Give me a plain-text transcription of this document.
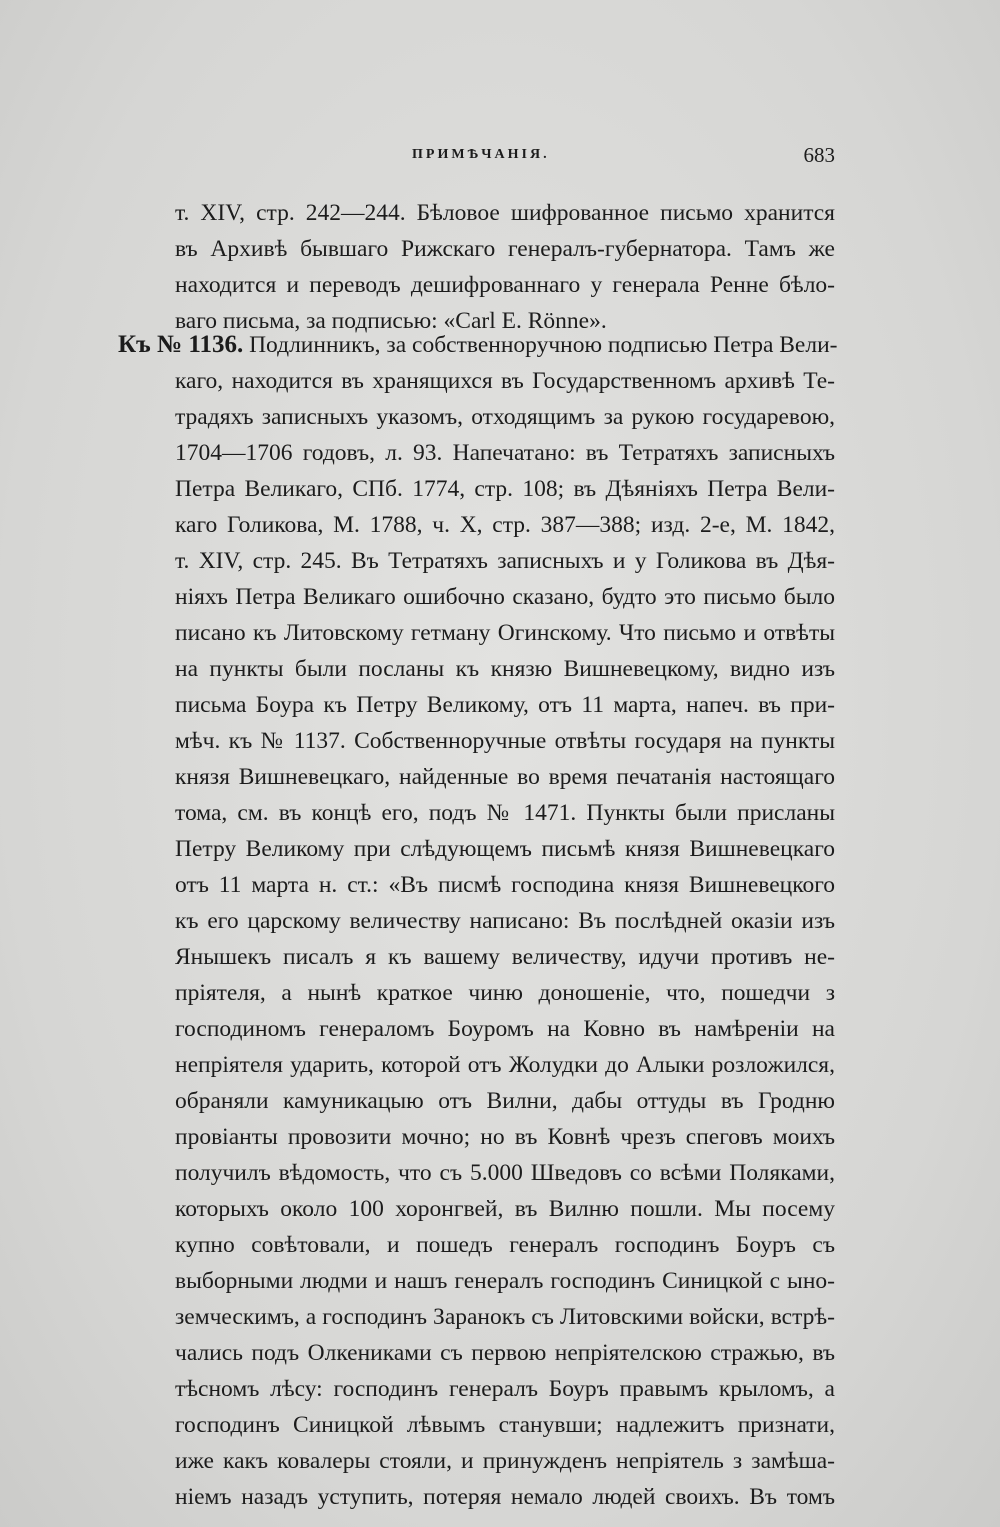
ПРИМѢЧАНІЯ.	683
т. XIV, стр. 242—244. Бѣловое шифрованное письмо хранится
въ Архивѣ бывшаго Рижскаго генералъ-губернатора. Тамъ же
находится и переводъ дешифрованнаго у генерала Ренне бѣло-
ваго письма, за подписью: «Carl E. Rönne».
Къ № 1136. Подлинникъ, за собственноручною подписью Петра Вели-
каго, находится въ хранящихся въ Государственномъ архивѣ Те-
традяхъ записныхъ указомъ, отходящимъ за рукою государевою,
1704—1706 годовъ, л. 93. Напечатано: въ Тетратяхъ записныхъ
Петра Великаго, СПб. 1774, стр. 108; въ Дѣяніяхъ Петра Вели-
каго Голикова, М. 1788, ч. X, стр. 387—388; изд. 2-е, М. 1842,
т. XIV, стр. 245. Въ Тетратяхъ записныхъ и у Голикова въ Дѣя-
ніяхъ Петра Великаго ошибочно сказано, будто это письмо было
писано къ Литовскому гетману Огинскому. Что письмо и отвѣты
на пункты были посланы къ князю Вишневецкому, видно изъ
письма Боура къ Петру Великому, отъ 11 марта, напеч. въ при-
мѣч. къ № 1137. Собственноручные отвѣты государя на пункты
князя Вишневецкаго, найденные во время печатанія настоящаго
тома, см. въ концѣ его, подъ № 1471. Пункты были присланы
Петру Великому при слѣдующемъ письмѣ князя Вишневецкаго
отъ 11 марта н. ст.: «Въ писмѣ господина князя Вишневецкого
къ его царскому величеству написано: Въ послѣдней оказіи изъ
Янышекъ писалъ я къ вашему величеству, идучи противъ не-
пріятеля, а нынѣ краткое чиню доношеніе, что, пошедчи з
господиномъ генераломъ Боуромъ на Ковно въ намѣреніи на
непріятеля ударить, которой отъ Жолудки до Алыки розложился,
обраняли камуникацыю отъ Вилни, дабы оттуды въ Гродню
провіанты провозити мочно; но въ Ковнѣ чрезъ спеговъ моихъ
получилъ вѣдомость, что съ 5.000 Шведовъ со всѣми Поляками,
которыхъ около 100 хоронгвей, въ Вилню пошли. Мы посему
купно совѣтовали, и пошедъ генералъ господинъ Боуръ съ
выборными людми и нашъ генералъ господинъ Синицкой с ыно-
земческимъ, а господинъ Заранокъ съ Литовскими войски, встрѣ-
чались подъ Олкениками съ первою непріятелскою стражью, въ
тѣсномъ лѣсу: господинъ генералъ Боуръ правымъ крыломъ, а
господинъ Синицкой лѣвымъ станувши; надлежитъ признати,
иже какъ ковалеры стояли, и принужденъ непріятель з замѣша-
ніемъ назадъ уступить, потеряя немало людей своихъ. Въ томъ
